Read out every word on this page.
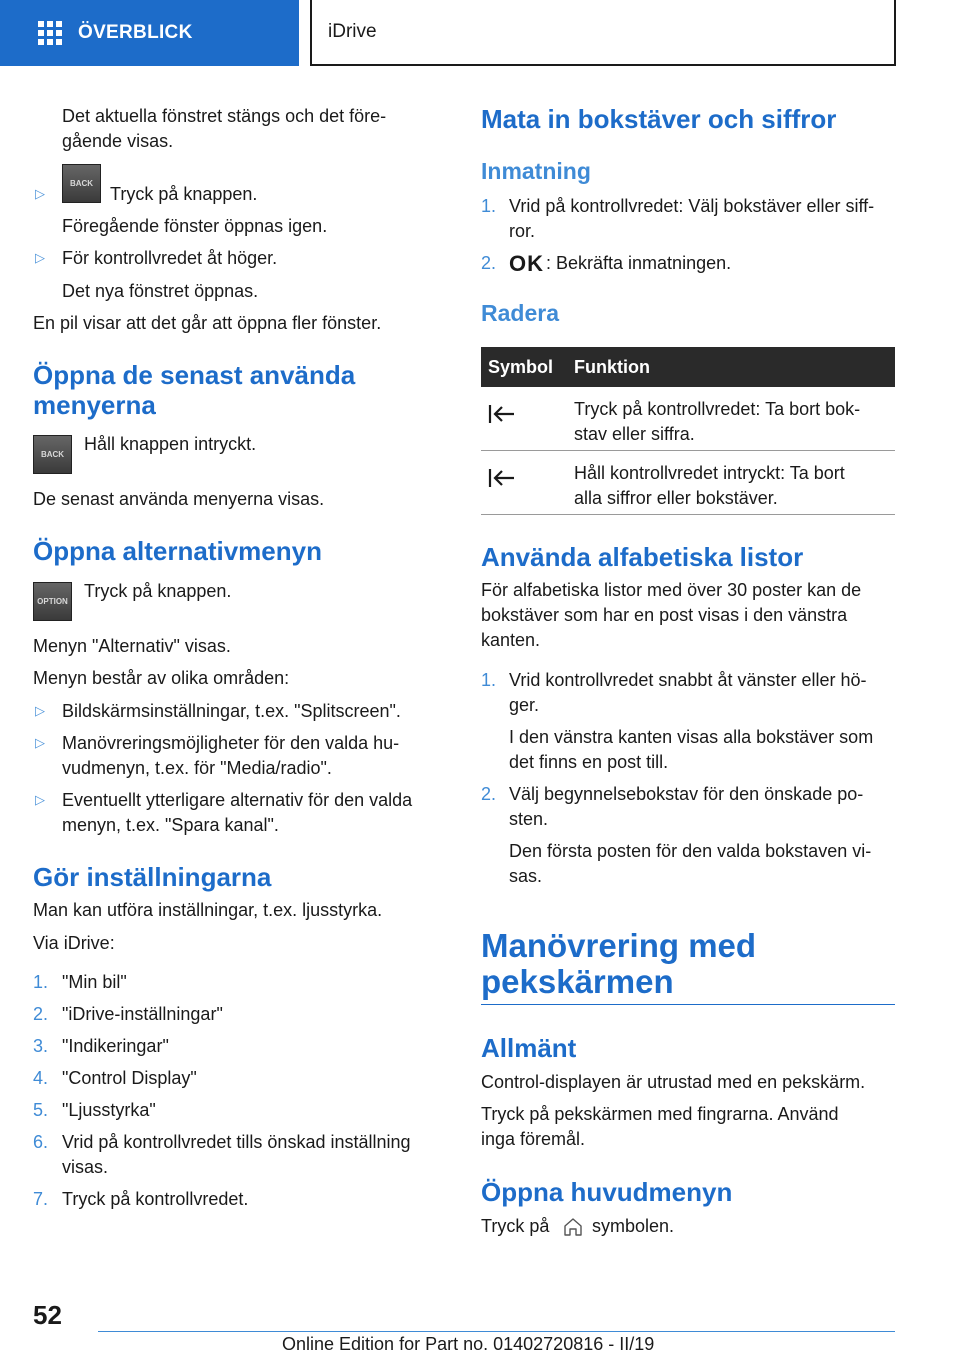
ÖVERBLICK	iDrive
Det aktuella fönstret stängs och det före-
gående visas.
▷
BACK
Tryck på knappen.
Föregående fönster öppnas igen.
▷ För kontrollvredet åt höger.
Det nya fönstret öppnas.
En pil visar att det går att öppna fler fönster.
Öppna de senast använda
menyerna
BACK
Håll knappen intryckt.
De senast använda menyerna visas.
Öppna alternativmenyn
OPTION
Tryck på knappen.
Menyn "Alternativ" visas.
Menyn består av olika områden:
▷ Bildskärmsinställningar, t.ex. "Splitscreen".
▷ Manövreringsmöjligheter för den valda hu-
vudmenyn, t.ex. för "Media/radio".
▷ Eventuellt ytterligare alternativ för den valda
menyn, t.ex. "Spara kanal".
Gör inställningarna
Man kan utföra inställningar, t.ex. ljusstyrka.
Via iDrive:
1. "Min bil"
2. "iDrive-inställningar"
3. "Indikeringar"
4. "Control Display"
5. "Ljusstyrka"
6. Vrid på kontrollvredet tills önskad inställning
visas.
7. Tryck på kontrollvredet.
Mata in bokstäver och siffror
Inmatning
1. Vrid på kontrollvredet: Välj bokstäver eller siff-
ror.
2. OK : Bekräfta inmatningen.
Radera
Symbol	Funktion
Tryck på kontrollvredet: Ta bort bok-
stav eller siffra.
Håll kontrollvredet intryckt: Ta bort
alla siffror eller bokstäver.
Använda alfabetiska listor
För alfabetiska listor med över 30 poster kan de
bokstäver som har en post visas i den vänstra
kanten.
1. Vrid kontrollvredet snabbt åt vänster eller hö-
ger.
I den vänstra kanten visas alla bokstäver som
det finns en post till.
2. Välj begynnelsebokstav för den önskade po-
sten.
Den första posten för den valda bokstaven vi-
sas.
Manövrering med
pekskärmen
Allmänt
Control-displayen är utrustad med en pekskärm.
Tryck på pekskärmen med fingrarna. Använd
inga föremål.
Öppna huvudmenyn
Tryck på symbolen.
52
Online Edition for Part no. 01402720816 - II/19
